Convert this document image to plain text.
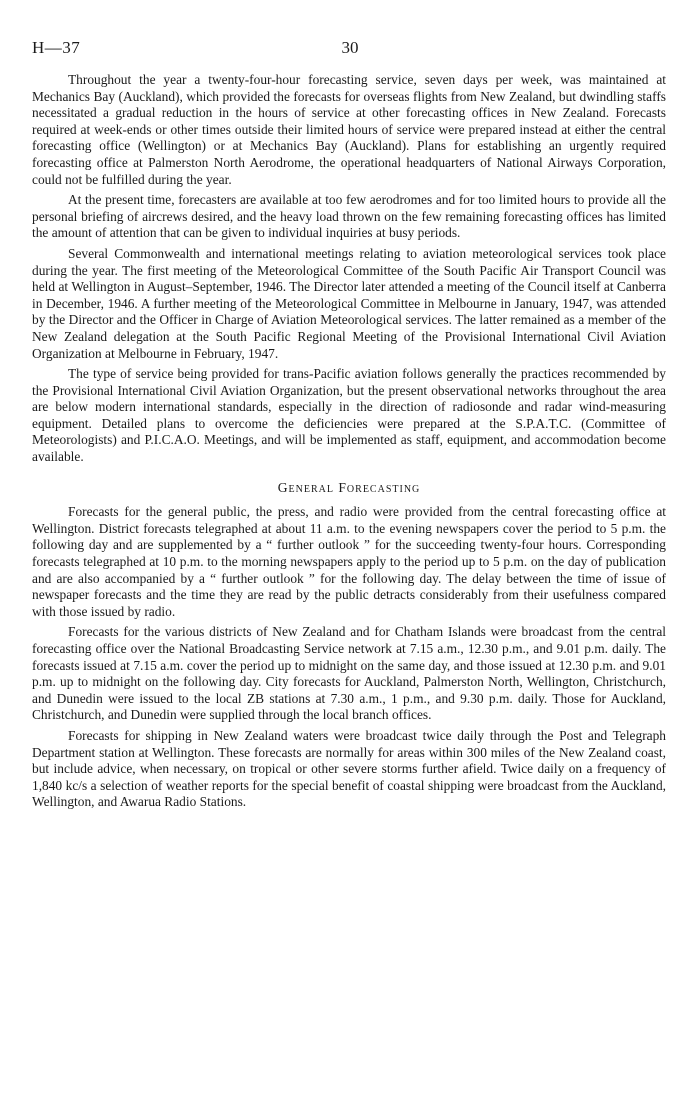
H—37	30

Throughout the year a twenty-four-hour forecasting service, seven days per week, was maintained at Mechanics Bay (Auckland), which provided the forecasts for overseas flights from New Zealand, but dwindling staffs necessitated a gradual reduction in the hours of service at other forecasting offices in New Zealand. Forecasts required at week-ends or other times outside their limited hours of service were prepared instead at either the central forecasting office (Wellington) or at Mechanics Bay (Auckland). Plans for establishing an urgently required forecasting office at Palmerston North Aerodrome, the operational headquarters of National Airways Corporation, could not be fulfilled during the year.

At the present time, forecasters are available at too few aerodromes and for too limited hours to provide all the personal briefing of aircrews desired, and the heavy load thrown on the few remaining forecasting offices has limited the amount of attention that can be given to individual inquiries at busy periods.

Several Commonwealth and international meetings relating to aviation meteorological services took place during the year. The first meeting of the Meteorological Committee of the South Pacific Air Transport Council was held at Wellington in August–September, 1946. The Director later attended a meeting of the Council itself at Canberra in December, 1946. A further meeting of the Meteorological Committee in Melbourne in January, 1947, was attended by the Director and the Officer in Charge of Aviation Meteorological services. The latter remained as a member of the New Zealand delegation at the South Pacific Regional Meeting of the Provisional International Civil Aviation Organization at Melbourne in February, 1947.

The type of service being provided for trans-Pacific aviation follows generally the practices recommended by the Provisional International Civil Aviation Organization, but the present observational networks throughout the area are below modern international standards, especially in the direction of radiosonde and radar wind-measuring equipment. Detailed plans to overcome the deficiencies were prepared at the S.P.A.T.C. (Committee of Meteorologists) and P.I.C.A.O. Meetings, and will be implemented as staff, equipment, and accommodation become available.

General Forecasting

Forecasts for the general public, the press, and radio were provided from the central forecasting office at Wellington. District forecasts telegraphed at about 11 a.m. to the evening newspapers cover the period to 5 p.m. the following day and are supplemented by a “ further outlook ” for the succeeding twenty-four hours. Corresponding forecasts telegraphed at 10 p.m. to the morning newspapers apply to the period up to 5 p.m. on the day of publication and are also accompanied by a “ further outlook ” for the following day. The delay between the time of issue of newspaper forecasts and the time they are read by the public detracts considerably from their usefulness compared with those issued by radio.

Forecasts for the various districts of New Zealand and for Chatham Islands were broadcast from the central forecasting office over the National Broadcasting Service network at 7.15 a.m., 12.30 p.m., and 9.01 p.m. daily. The forecasts issued at 7.15 a.m. cover the period up to midnight on the same day, and those issued at 12.30 p.m. and 9.01 p.m. up to midnight on the following day. City forecasts for Auckland, Palmerston North, Wellington, Christchurch, and Dunedin were issued to the local ZB stations at 7.30 a.m., 1 p.m., and 9.30 p.m. daily. Those for Auckland, Christchurch, and Dunedin were supplied through the local branch offices.

Forecasts for shipping in New Zealand waters were broadcast twice daily through the Post and Telegraph Department station at Wellington. These forecasts are normally for areas within 300 miles of the New Zealand coast, but include advice, when necessary, on tropical or other severe storms further afield. Twice daily on a frequency of 1,840 kc/s a selection of weather reports for the special benefit of coastal shipping were broadcast from the Auckland, Wellington, and Awarua Radio Stations.
